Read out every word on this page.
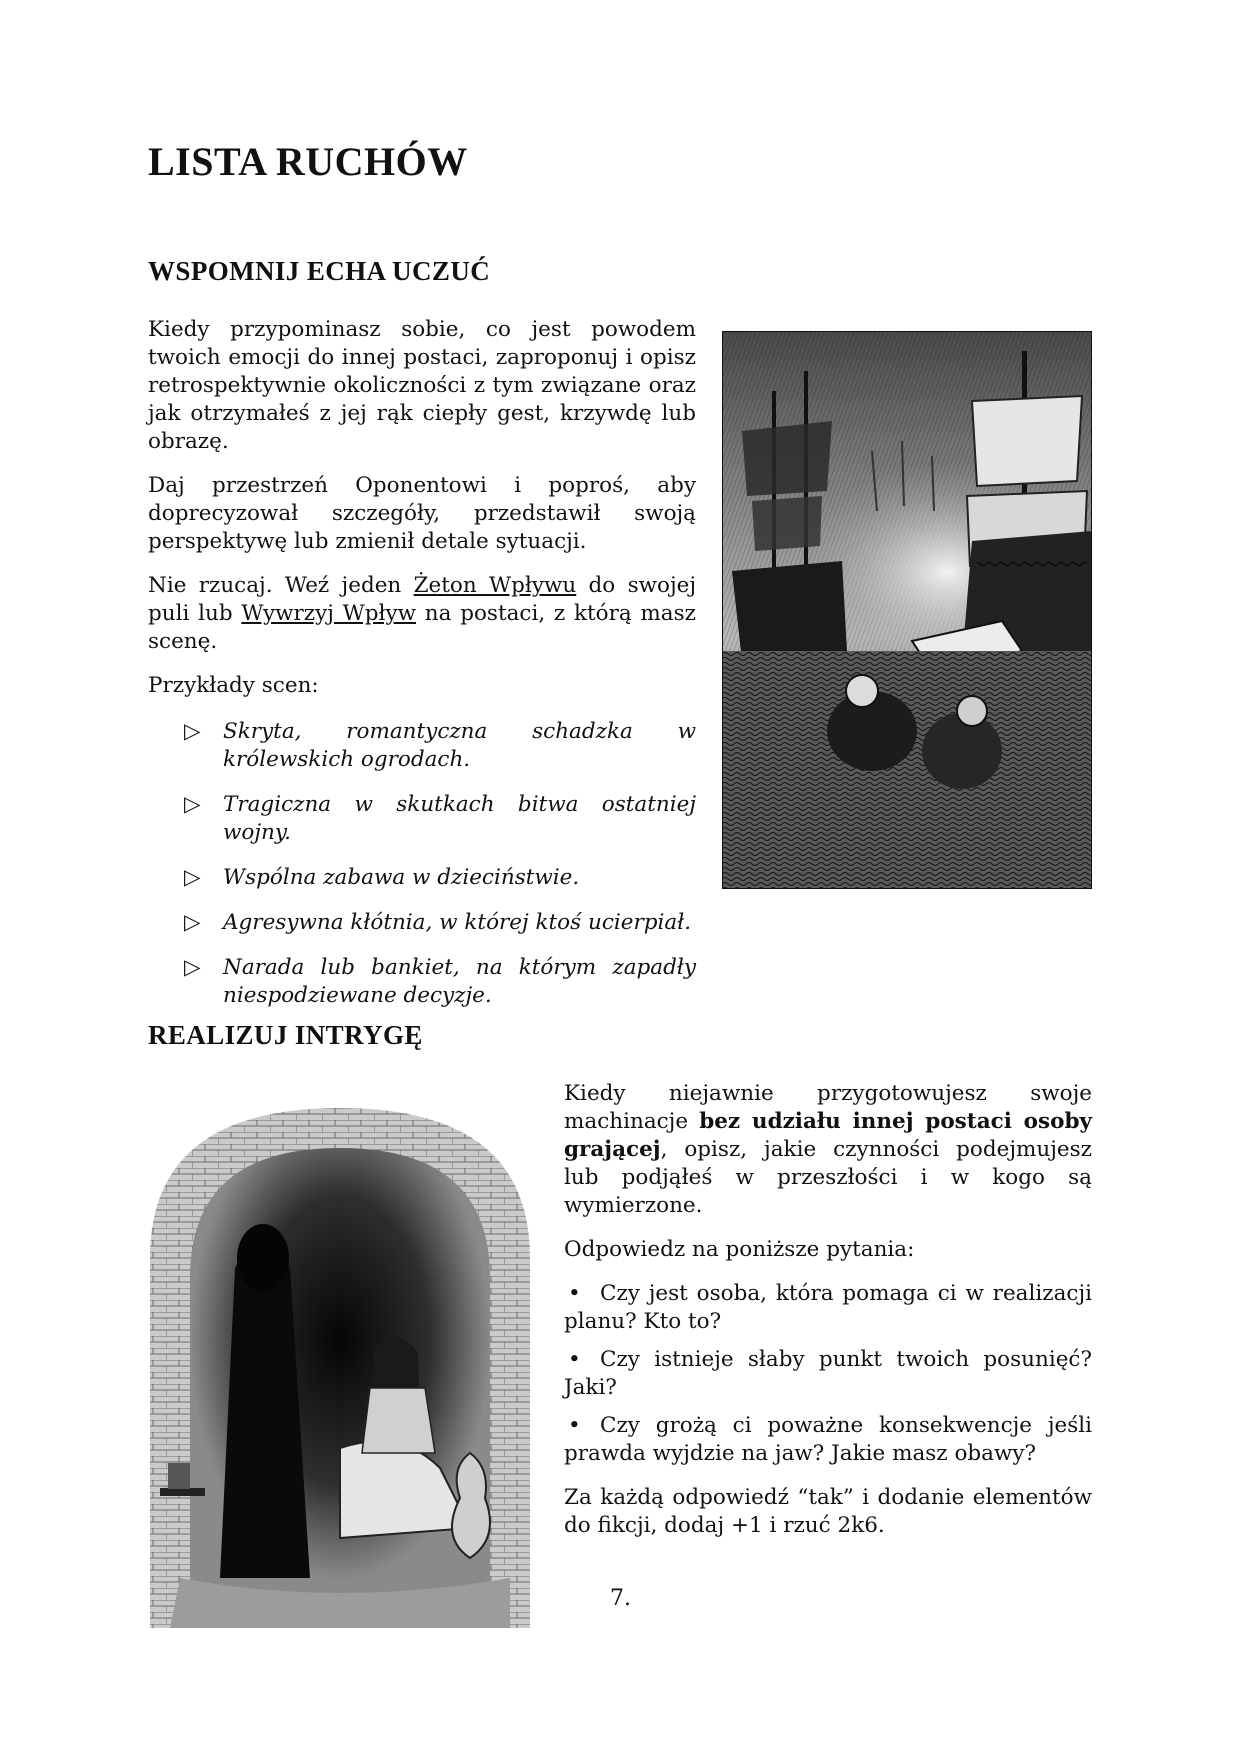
LISTA RUCHÓW
WSPOMNIJ ECHA UCZUĆ

Kiedy przypominasz sobie, co jest powodem twoich emocji do innej postaci, zaproponuj i opisz retrospektywnie okoliczności z tym związane oraz jak otrzymałeś z jej rąk ciepły gest, krzywdę lub obrazę.

Daj przestrzeń Oponentowi i poproś, aby doprecyzował szczegóły, przedstawił swoją perspektywę lub zmienił detale sytuacji.

Nie rzucaj. Weź jeden Żeton Wpływu do swojej puli lub Wywrzyj Wpływ na postaci, z którą masz scenę.

Przykłady scen:

▷	Skryta, romantyczna schadzka w królewskich ogrodach.
▷	Tragiczna w skutkach bitwa ostatniej wojny.
▷	Wspólna zabawa w dzieciństwie.
▷	Agresywna kłótnia, w której ktoś ucierpiał.
▷	Narada lub bankiet, na którym zapadły niespodziewane decyzje.
REALIZUJ INTRYGĘ

Kiedy niejawnie przygotowujesz swoje machinacje bez udziału innej postaci osoby grającej, opisz, jakie czynności podejmujesz lub podjąłeś w przeszłości i w kogo są wymierzone.

Odpowiedz na poniższe pytania:

• Czy jest osoba, która pomaga ci w realizacji planu? Kto to?
• Czy istnieje słaby punkt twoich posunięć? Jaki?
• Czy grożą ci poważne konsekwencje jeśli prawda wyjdzie na jaw? Jakie masz obawy?

Za każdą odpowiedź “tak” i dodanie elementów do fikcji, dodaj +1 i rzuć 2k6.

7.
